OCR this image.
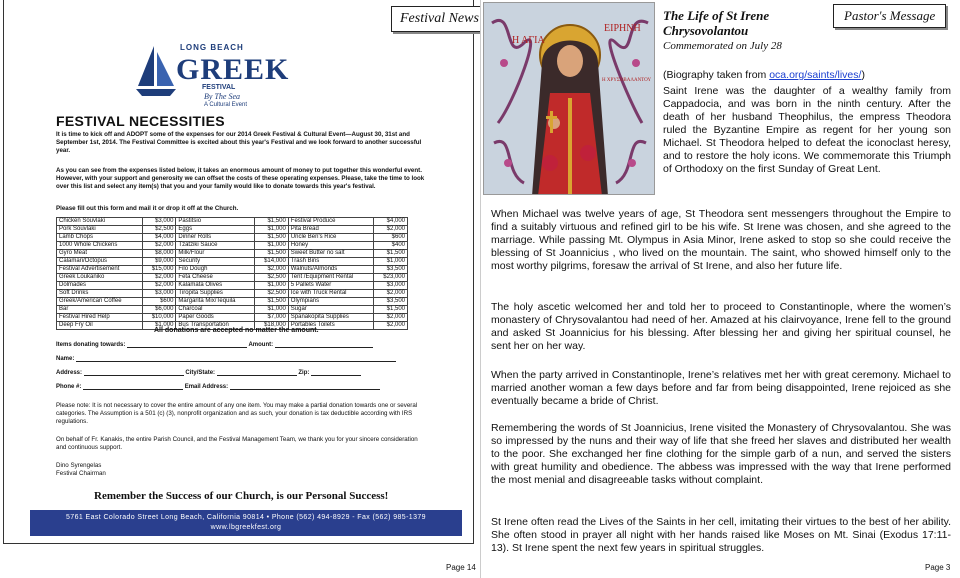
LONG BEACH
GREEK
FESTIVAL
By The Sea
A Cultural Event
FESTIVAL NECESSITIES
It is time to kick off and ADOPT some of the expenses for our 2014 Greek Festival & Cultural Event—August 30, 31st and September 1st, 2014. The Festival Committee is excited about this year's Festival and we look forward to another successful year.
As you can see from the expenses listed below, it takes an enormous amount of money to put together this wonderful event. However, with your support and generosity we can offset the costs of these operating expenses. Please, take the time to look over this list and select any item(s) that you and your family would like to donate towards this year's festival.
Please fill out this form and mail it or drop it off at the Church.
Chicken Souvlaki	$3,000	Pastitsio	$1,500	Festival Produce	$4,000
Pork Souvlaki	$2,500	Eggs	$1,000	Pita Bread	$2,000
Lamb Chops	$4,000	Dinner Rolls	$1,500	Uncle Ben's Rice	$600
1000 Whole Chickens	$2,000	Tzatziki Sauce	$1,000	Honey	$400
Gyro Meat	$8,000	Milk/Flour	$1,500	Sweet Butter no salt	$1,500
Calamari/Octopus	$9,000	Security	$14,000	Trash Bins	$1,000
Festival Advertisement	$15,000	Filo Dough	$2,000	Walnuts/Almonds	$3,500
Greek Loukaniko	$2,000	Feta Cheese	$2,500	Tent /Equipment Rental	$23,000
Dolmades	$2,000	Kalamata Olives	$1,000	5 Pallets Water	$3,000
Soft Drinks	$3,000	Tiropita Supplies	$2,500	Ice with Truck Rental	$2,000
Greek/American Coffee	$600	Margarita Mix/Tequila	$1,500	Olympians	$3,500
Bar	$6,000	Charcoal	$1,000	Sugar	$1,500
Festival Hired Help	$10,000	Paper Goods	$7,000	Spanakopita Supplies	$2,000
Deep Fry Oil	$1,000	Bus Transportation	$18,000	Portables Toilets	$2,000
All donations are accepted no matter the amount.
Items donating towards:	Amount:
Name:
Address:	City/State:	Zip:
Phone #:	Email Address:
Please note: It is not necessary to cover the entire amount of any one item. You may make a partial donation towards one or several categories. The Assumption is a 501 (c) (3), nonprofit organization and as such, your donation is tax deductible according with IRS regulations.
On behalf of Fr. Kanakis, the entire Parish Council, and the Festival Management Team, we thank you for your sincere consideration and continuous support.
Dino Syrengelas
Festival Chairman
Remember the Success of our Church, is our Personal Success!
5761 East Colorado Street Long Beach, California 90814 • Phone (562) 494-8929 - Fax (562) 985-1379
www.lbgreekfest.org
Festival News
Page 14
Η ΑΓΙΑ
ΕΙΡΗΝΗ
Η ΧΡΥΣΟΒΑΛΑΝΤΟΥ
The Life of St Irene Chrysovolantou
Commemorated on July 28
Pastor's Message
(Biography taken from oca.org/saints/lives/)
Saint Irene was the daughter of a wealthy family from Cappadocia, and was born in the ninth century. After the death of her husband Theophilus, the empress Theodora ruled the Byzantine Empire as regent for her young son Michael. St Theodora helped to defeat the iconoclast heresy, and to restore the holy icons. We commemorate this Triumph of Orthodoxy on the first Sunday of Great Lent.
When Michael was twelve years of age, St Theodora sent messengers throughout the Empire to find a suitably virtuous and refined girl to be his wife. St Irene was chosen, and she agreed to the marriage. While passing Mt. Olympus in Asia Minor, Irene asked to stop so she could receive the blessing of St Joannicius , who lived on the mountain. The saint, who showed himself only to the most worthy pilgrims, foresaw the arrival of St Irene, and also her future life.
The holy ascetic welcomed her and told her to proceed to Constantinople, where the women’s monastery of Chrysovalantou had need of her. Amazed at his clairvoyance, Irene fell to the ground and asked St Joannicius for his blessing. After blessing her and giving her spiritual counsel, he sent her on her way.
When the party arrived in Constantinople, Irene’s relatives met her with great ceremony. Michael to married another woman a few days before and far from being disappointed, Irene rejoiced as she eventually became a bride of Christ.
Remembering the words of St Joannicius, Irene visited the Monastery of Chrysovalantou. She was so impressed by the nuns and their way of life that she freed her slaves and distributed her wealth to the poor. She exchanged her fine clothing for the simple garb of a nun, and served the sisters with great humility and obedience. The abbess was impressed with the way that Irene performed the most menial and disagreeable tasks without complaint.
St Irene often read the Lives of the Saints in her cell, imitating their virtues to the best of her ability. She often stood in prayer all night with her hands raised like Moses on Mt. Sinai (Exodus 17:11-13). St Irene spent the next few years in spiritual struggles.
Page 3
